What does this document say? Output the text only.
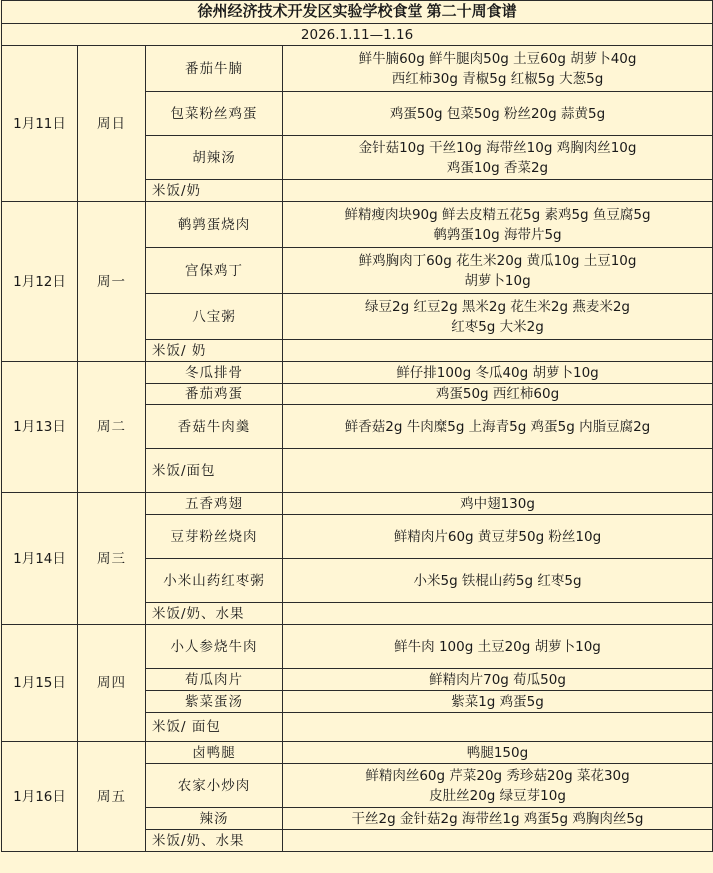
徐州经济技术开发区实验学校食堂 第二十周食谱			
2026.1.11—1.16			
1月11日	周日	番茄牛腩	鲜牛腩60g 鲜牛腿肉50g 土豆60g 胡萝卜40g
西红柿30g 青椒5g 红椒5g 大葱5g

		包菜粉丝鸡蛋	鸡蛋50g 包菜50g 粉丝20g 蒜黄5g

		胡辣汤	金针菇10g 干丝10g 海带丝10g 鸡胸肉丝10g
鸡蛋10g 香菜2g

		米饭/奶	
1月12日	周一	鹌鹑蛋烧肉	鲜精瘦肉块90g 鲜去皮精五花5g 素鸡5g 鱼豆腐5g
鹌鹑蛋10g 海带片5g

		宫保鸡丁	鲜鸡胸肉丁60g 花生米20g 黄瓜10g 土豆10g
胡萝卜10g

		八宝粥	绿豆2g 红豆2g 黑米2g 花生米2g 燕麦米2g
红枣5g 大米2g

		米饭/ 奶	
1月13日	周二	冬瓜排骨	鲜仔排100g 冬瓜40g 胡萝卜10g

		番茄鸡蛋	鸡蛋50g 西红柿60g

		香菇牛肉羹	鲜香菇2g 牛肉糜5g 上海青5g 鸡蛋5g 内脂豆腐2g

		米饭/面包	
1月14日	周三	五香鸡翅	鸡中翅130g

		豆芽粉丝烧肉	鲜精肉片60g 黄豆芽50g 粉丝10g

		小米山药红枣粥	小米5g 铁棍山药5g 红枣5g

		米饭/奶、水果	
1月15日	周四	小人参烧牛肉	鲜牛肉 100g 土豆20g 胡萝卜10g

		荀瓜肉片	鲜精肉片70g 荀瓜50g

		紫菜蛋汤	紫菜1g 鸡蛋5g

		米饭/ 面包	
1月16日	周五	卤鸭腿	鸭腿150g

		农家小炒肉	鲜精肉丝60g 芹菜20g 秀珍菇20g 菜花30g
皮肚丝20g 绿豆芽10g

		辣汤	干丝2g 金针菇2g 海带丝1g 鸡蛋5g 鸡胸肉丝5g

		米饭/奶、水果	
